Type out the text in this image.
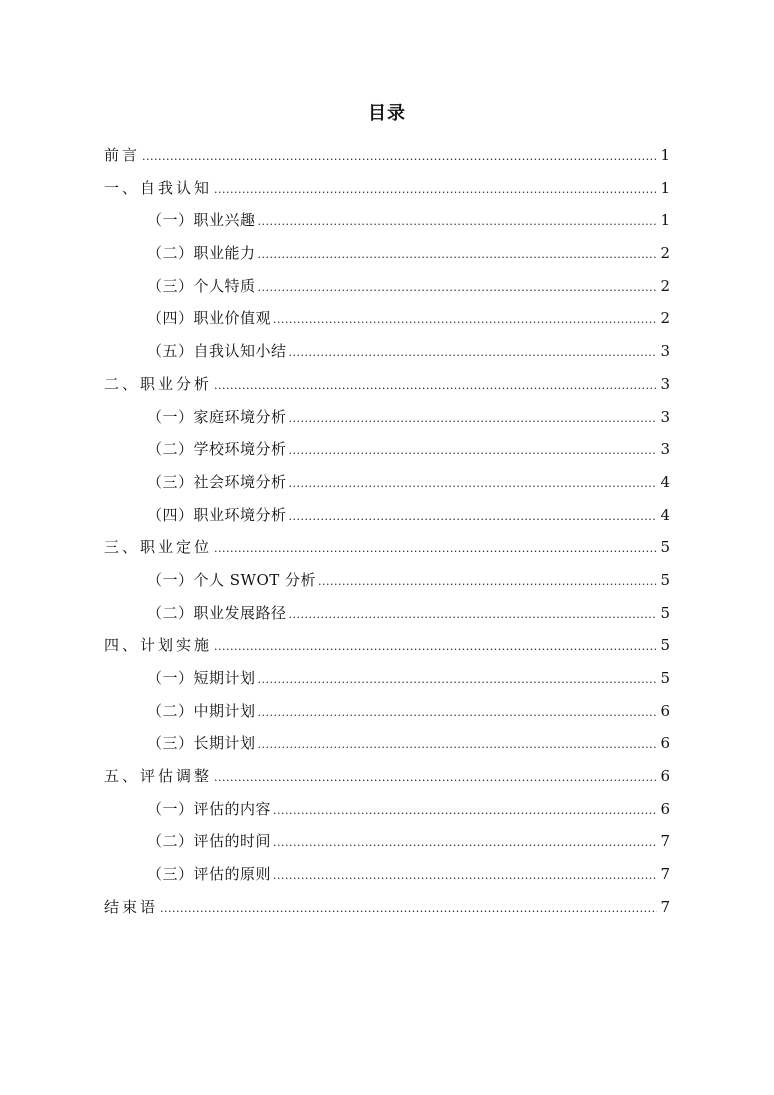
目录
前言 .....	1
一、自我认知 .....	1
（一）职业兴趣 .....	1
（二）职业能力 .....	2
（三）个人特质 .....	2
（四）职业价值观 .....	2
（五）自我认知小结 .....	3
二、职业分析 .....	3
（一）家庭环境分析 .....	3
（二）学校环境分析 .....	3
（三）社会环境分析 .....	4
（四）职业环境分析 .....	4
三、职业定位 .....	5
（一）个人 SWOT 分析 .....	5
（二）职业发展路径 .....	5
四、计划实施 .....	5
（一）短期计划 .....	5
（二）中期计划 .....	6
（三）长期计划 .....	6
五、评估调整 .....	6
（一）评估的内容 .....	6
（二）评估的时间 .....	7
（三）评估的原则 .....	7
结束语 .....	7
